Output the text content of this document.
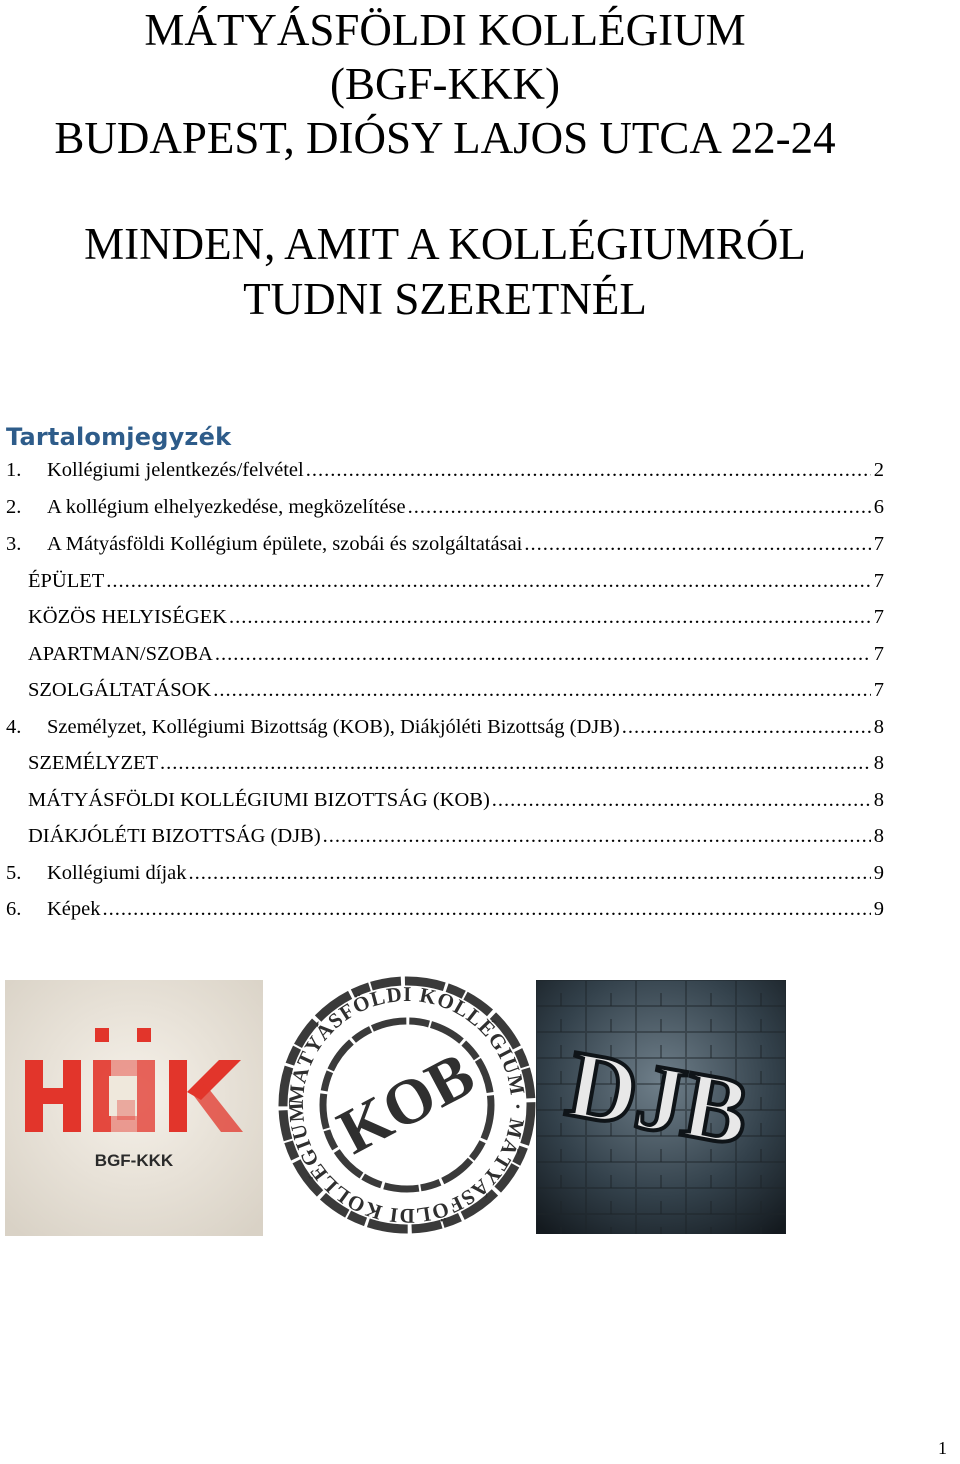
MÁTYÁSFÖLDI KOLLÉGIUM
(BGF-KKK)
BUDAPEST, DIÓSY LAJOS UTCA 22-24
MINDEN, AMIT A KOLLÉGIUMRÓL
TUDNI SZERETNÉL
Tartalomjegyzék
1.	Kollégiumi jelentkezés/felvétel .....	2
2.	A kollégium elhelyezkedése, megközelítése .....	6
3.	A Mátyásföldi Kollégium épülete, szobái és szolgáltatásai .....	7
ÉPÜLET .....	7
KÖZÖS HELYISÉGEK .....	7
APARTMAN/SZOBA .....	7
SZOLGÁLTATÁSOK .....	7
4.	Személyzet, Kollégiumi Bizottság (KOB), Diákjóléti Bizottság (DJB) .....	8
SZEMÉLYZET .....	8
MÁTYÁSFÖLDI KOLLÉGIUMI BIZOTTSÁG (KOB) .....	8
DIÁKJÓLÉTI BIZOTTSÁG (DJB) .....	8
5.	Kollégiumi díjak .....	9
6.	Képek .....	9
BGF-KKK
MÁTYÁSFÖLDI KOLLÉGIUM · MÁTYÁSFÖLDI KOLLÉGIUM KOB DJB
1
